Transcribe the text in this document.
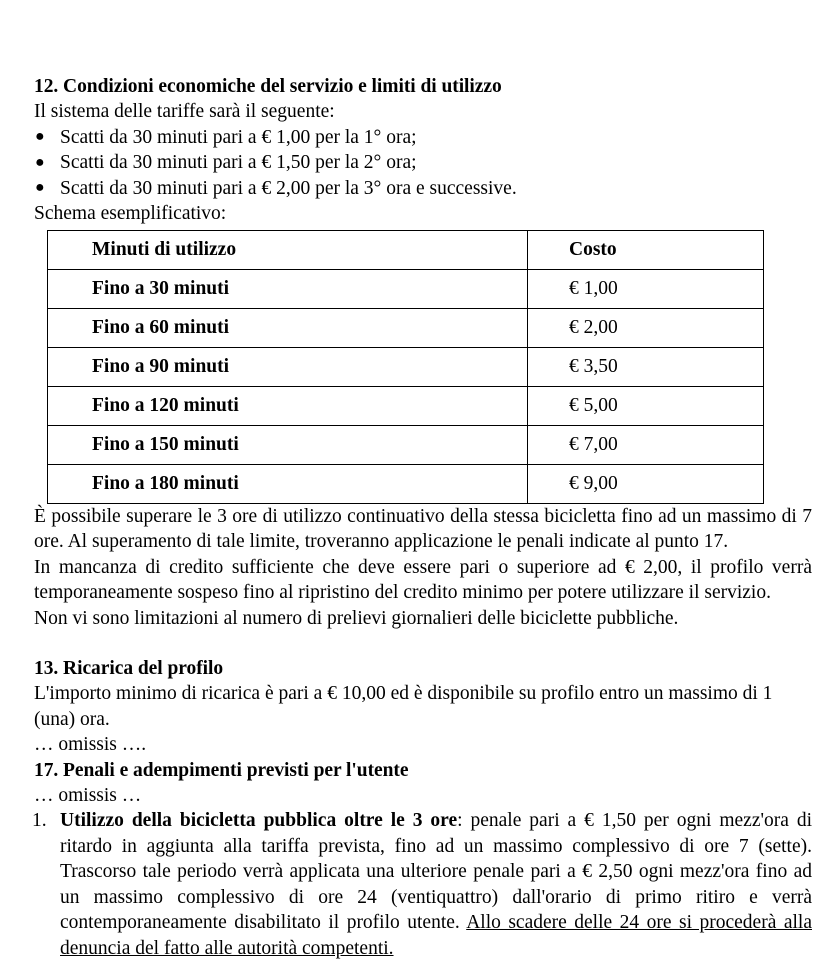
12. Condizioni economiche del servizio e limiti di utilizzo

Il sistema delle tariffe sarà il seguente:

● Scatti da 30 minuti pari a € 1,00 per la 1° ora;
● Scatti da 30 minuti pari a € 1,50 per la 2° ora;
● Scatti da 30 minuti pari a € 2,00 per la 3° ora e successive.

Schema esemplificativo:

Minuti di utilizzo	Costo
Fino a 30 minuti	€ 1,00
Fino a 60 minuti	€ 2,00
Fino a 90 minuti	€ 3,50
Fino a 120 minuti	€ 5,00
Fino a 150 minuti	€ 7,00
Fino a 180 minuti	€ 9,00

È possibile superare le 3 ore di utilizzo continuativo della stessa bicicletta fino ad un massimo di 7 ore. Al superamento di tale limite, troveranno applicazione le penali indicate al punto 17.

In mancanza di credito sufficiente che deve essere pari o superiore ad € 2,00, il profilo verrà temporaneamente sospeso fino al ripristino del credito minimo per potere utilizzare il servizio.

Non vi sono limitazioni al numero di prelievi giornalieri delle biciclette pubbliche.

13. Ricarica del profilo

L'importo minimo di ricarica è pari a € 10,00 ed è disponibile su profilo entro un massimo di 1 (una) ora.

… omissis ….

17. Penali e adempimenti previsti per l'utente

… omissis …

1. Utilizzo della bicicletta pubblica oltre le 3 ore: penale pari a € 1,50 per ogni mezz'ora di ritardo in aggiunta alla tariffa prevista, fino ad un massimo complessivo di ore 7 (sette). Trascorso tale periodo verrà applicata una ulteriore penale pari a € 2,50 ogni mezz'ora fino ad un massimo complessivo di ore 24 (ventiquattro) dall'orario di primo ritiro e verrà contemporaneamente disabilitato il profilo utente. Allo scadere delle 24 ore si procederà alla denuncia del fatto alle autorità competenti.
